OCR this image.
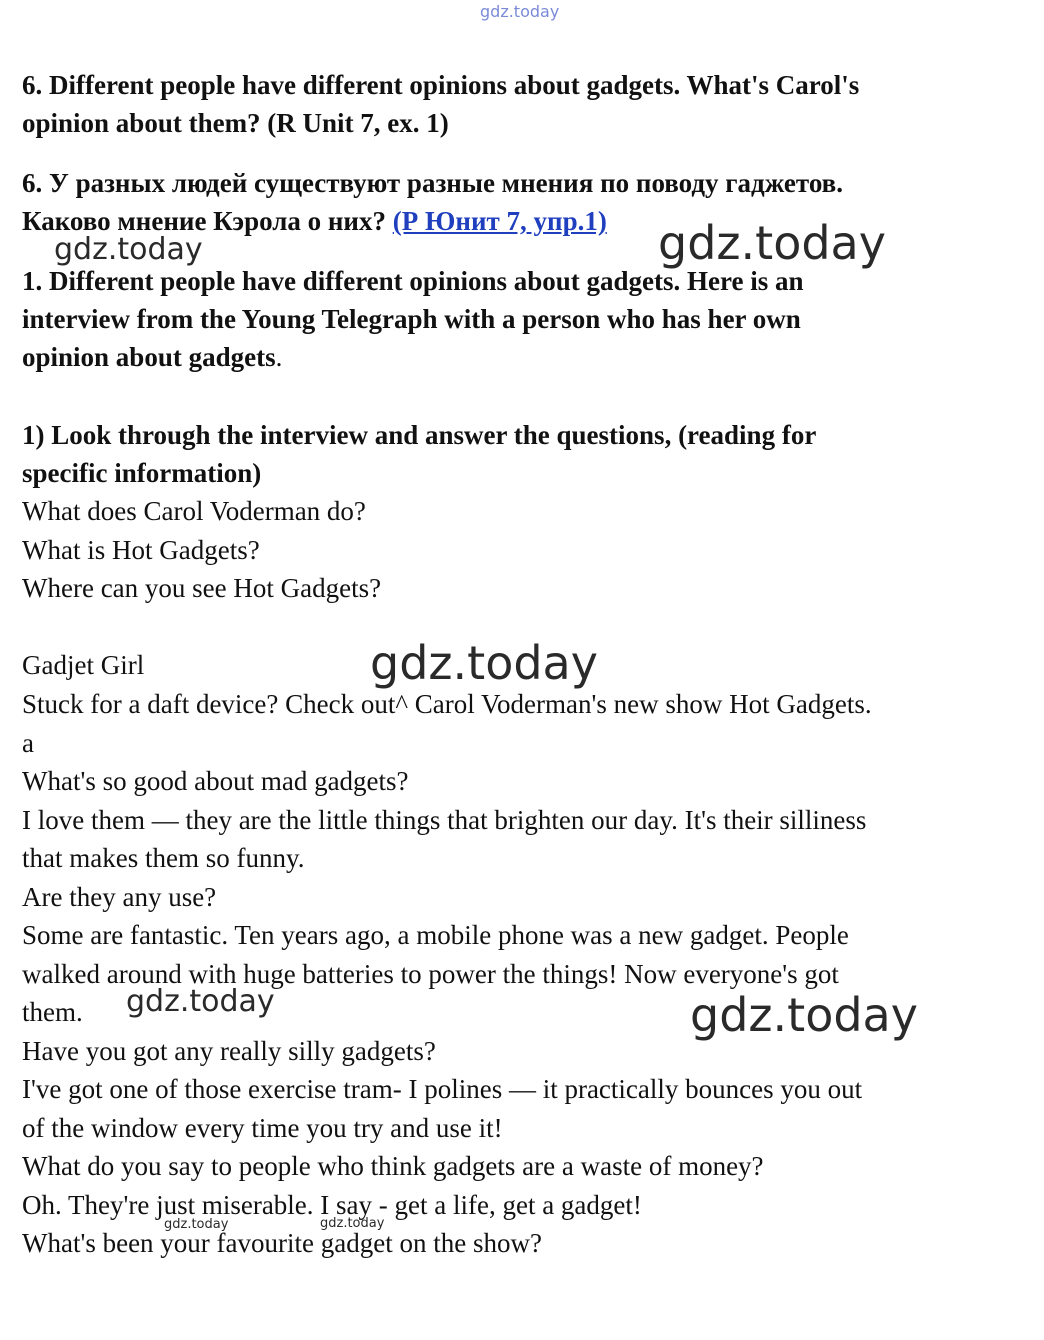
gdz.today
gdz.today	gdz.today
gdz.today
gdz.today	gdz.today
gdz.today	gdz.today
6. Different people have different opinions about gadgets. What's Carol's
opinion about them? (R Unit 7, ex. 1)
6. У разных людей существуют разные мнения по поводу гаджетов.
Каково мнение Кэрола о них? (Р Юнит 7, упр.1)
1. Different people have different opinions about gadgets. Here is an
interview from the Young Telegraph with a person who has her own
opinion about gadgets.
1) Look through the interview and answer the questions, (reading for
specific information)
What does Carol Voderman do?
What is Hot Gadgets?
Where can you see Hot Gadgets?
Gadjet Girl
Stuck for a daft device? Check out^ Carol Voderman's new show Hot Gadgets.
a
What's so good about mad gadgets?
I love them — they are the little things that brighten our day. It's their silliness
that makes them so funny.
Are they any use?
Some are fantastic. Ten years ago, a mobile phone was a new gadget. People
walked around with huge batteries to power the things! Now everyone's got
them.
Have you got any really silly gadgets?
I've got one of those exercise tram- I polines — it practically bounces you out
of the window every time you try and use it!
What do you say to people who think gadgets are a waste of money?
Oh. They're just miserable. I say - get a life, get a gadget!
What's been your favourite gadget on the show?
